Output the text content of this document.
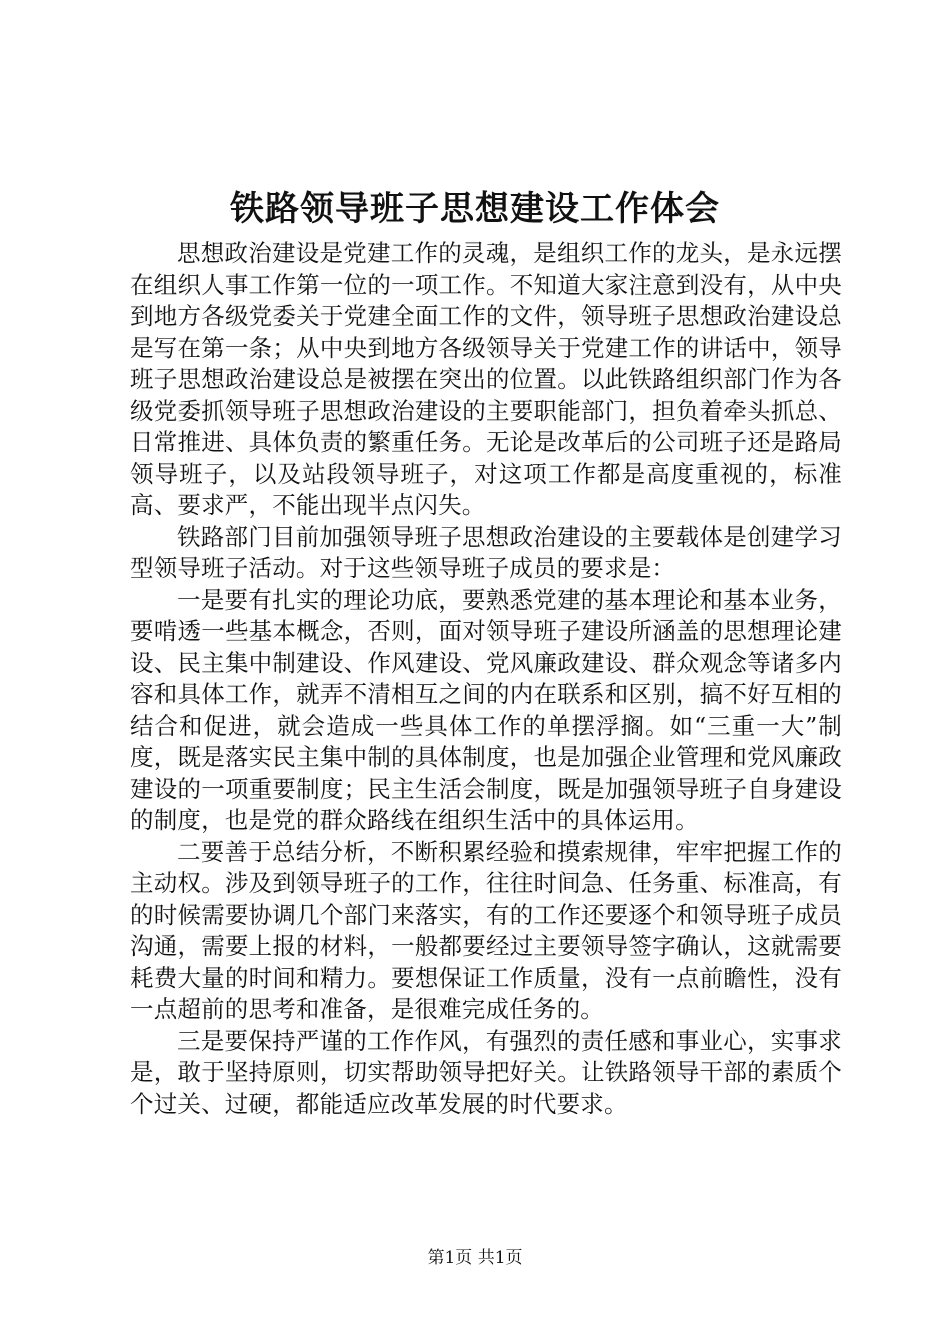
铁路领导班子思想建设工作体会

思想政治建设是党建工作的灵魂，是组织工作的龙头，是永远摆在组织人事工作第一位的一项工作。不知道大家注意到没有，从中央到地方各级党委关于党建全面工作的文件，领导班子思想政治建设总是写在第一条；从中央到地方各级领导关于党建工作的讲话中，领导班子思想政治建设总是被摆在突出的位置。以此铁路组织部门作为各级党委抓领导班子思想政治建设的主要职能部门，担负着牵头抓总、日常推进、具体负责的繁重任务。无论是改革后的公司班子还是路局领导班子，以及站段领导班子，对这项工作都是高度重视的，标准高、要求严，不能出现半点闪失。

铁路部门目前加强领导班子思想政治建设的主要载体是创建学习型领导班子活动。对于这些领导班子成员的要求是：

一是要有扎实的理论功底，要熟悉党建的基本理论和基本业务，要啃透一些基本概念，否则，面对领导班子建设所涵盖的思想理论建设、民主集中制建设、作风建设、党风廉政建设、群众观念等诸多内容和具体工作，就弄不清相互之间的内在联系和区别，搞不好互相的结合和促进，就会造成一些具体工作的单摆浮搁。如“三重一大”制度，既是落实民主集中制的具体制度，也是加强企业管理和党风廉政建设的一项重要制度；民主生活会制度，既是加强领导班子自身建设的制度，也是党的群众路线在组织生活中的具体运用。

二要善于总结分析，不断积累经验和摸索规律，牢牢把握工作的主动权。涉及到领导班子的工作，往往时间急、任务重、标准高，有的时候需要协调几个部门来落实，有的工作还要逐个和领导班子成员沟通，需要上报的材料，一般都要经过主要领导签字确认，这就需要耗费大量的时间和精力。要想保证工作质量，没有一点前瞻性，没有一点超前的思考和准备，是很难完成任务的。

三是要保持严谨的工作作风，有强烈的责任感和事业心，实事求是，敢于坚持原则，切实帮助领导把好关。让铁路领导干部的素质个个过关、过硬，都能适应改革发展的时代要求。

第1页 共1页
